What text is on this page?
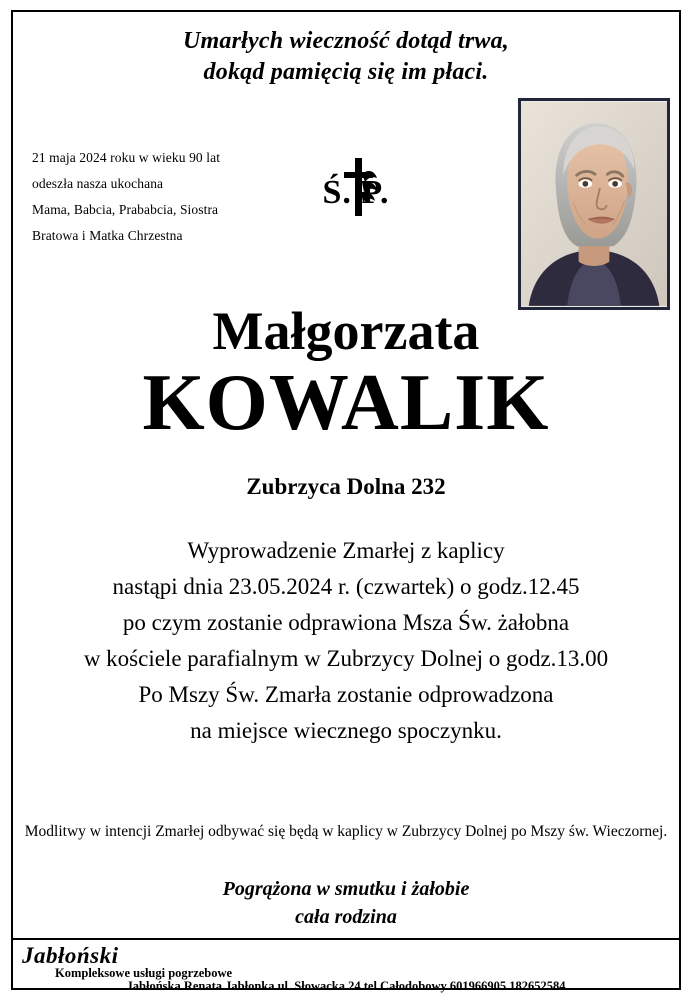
Umarłych wieczność dotąd trwa,
dokąd pamięcią się im płaci.
21 maja 2024 roku w wieku 90 lat
odeszła nasza ukochana
Mama, Babcia, Prababcia, Siostra
Bratowa i Matka Chrzestna
Ś. P.
Małgorzata
KOWALIK
Zubrzyca Dolna 232
Wyprowadzenie Zmarłej z kaplicy
nastąpi dnia 23.05.2024 r. (czwartek) o godz.12.45
po czym zostanie odprawiona Msza Św. żałobna
w kościele parafialnym w Zubrzycy Dolnej o godz.13.00
Po Mszy Św. Zmarła zostanie odprowadzona
na miejsce wiecznego spoczynku.
Modlitwy w intencji Zmarłej odbywać się będą w kaplicy w Zubrzycy Dolnej po Mszy św. Wieczornej.
Pogrążona w smutku i żałobie
cała rodzina
Jabłoński
Kompleksowe usługi pogrzebowe
Jabłońska Renata Jabłonka ul. Słowacka 24 tel Całodobowy 601966905 182652584
